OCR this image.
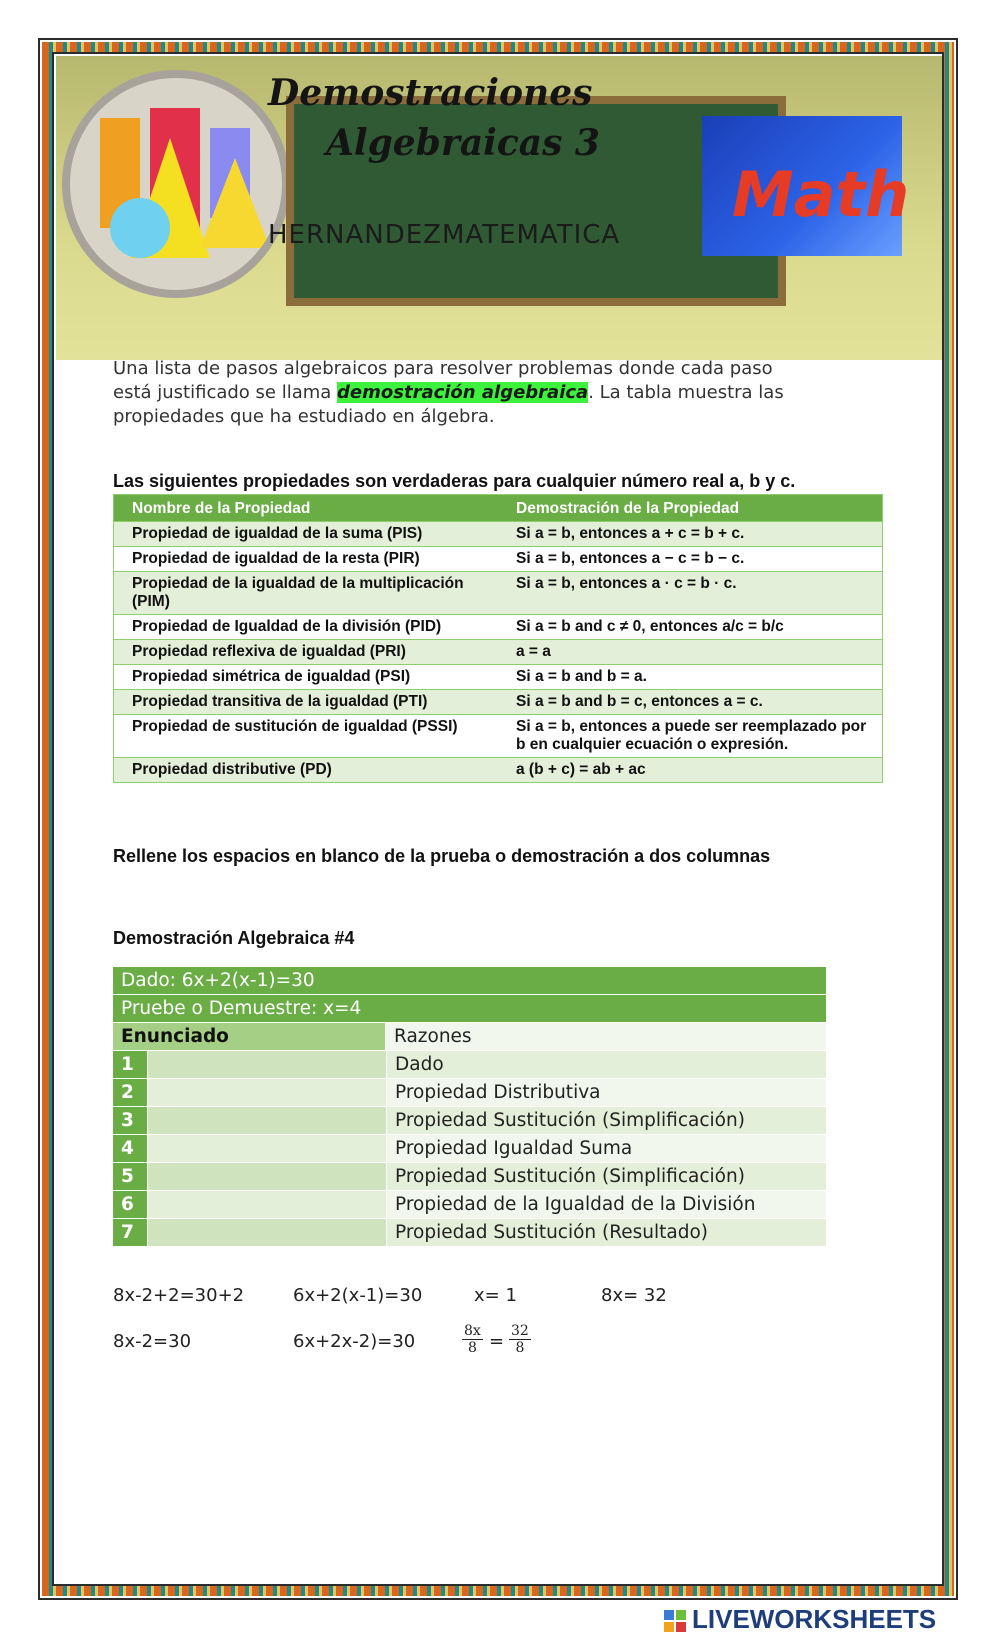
Math
Demostraciones
Algebraicas 3
HERNANDEZMATEMATICA
Una lista de pasos algebraicos para resolver problemas donde cada paso está justificado se llama demostración algebraica. La tabla muestra las propiedades que ha estudiado en álgebra.
Las siguientes propiedades son verdaderas para cualquier número real a, b y c.
Nombre de la Propiedad	Demostración de la Propiedad
Propiedad de igualdad de la suma (PIS)	Si a = b, entonces a + c = b + c.
Propiedad de igualdad de la resta (PIR)	Si a = b, entonces a − c = b − c.
Propiedad de la igualdad de la multiplicación (PIM)	Si a = b, entonces a · c = b · c.
Propiedad de Igualdad de la división (PID)	Si a = b and c ≠ 0, entonces a/c = b/c
Propiedad reflexiva de igualdad (PRI)	a = a
Propiedad simétrica de igualdad (PSI)	Si a = b and b = a.
Propiedad transitiva de la igualdad (PTI)	Si a = b and b = c, entonces a = c.
Propiedad de sustitución de igualdad (PSSI)	Si a = b, entonces a puede ser reemplazado por b en cualquier ecuación o expresión.
Propiedad distributive (PD)	a (b + c) = ab + ac
Rellene los espacios en blanco de la prueba o demostración a dos columnas
Demostración Algebraica #4
Dado: 6x+2(x-1)=30
Pruebe o Demuestre: x=4
Enunciado	Razones
1	Dado
2	Propiedad Distributiva
3	Propiedad Sustitución (Simplificación)
4	Propiedad Igualdad Suma
5	Propiedad Sustitución (Simplificación)
6	Propiedad de la Igualdad de la División
7	Propiedad Sustitución (Resultado)
8x-2+2=30+2	6x+2(x-1)=30	x= 1	8x= 32
8x-2=30	6x+2x-2)=30	$\frac{8x}{8} = \frac{32}{8}$
LIVEWORKSHEETS
